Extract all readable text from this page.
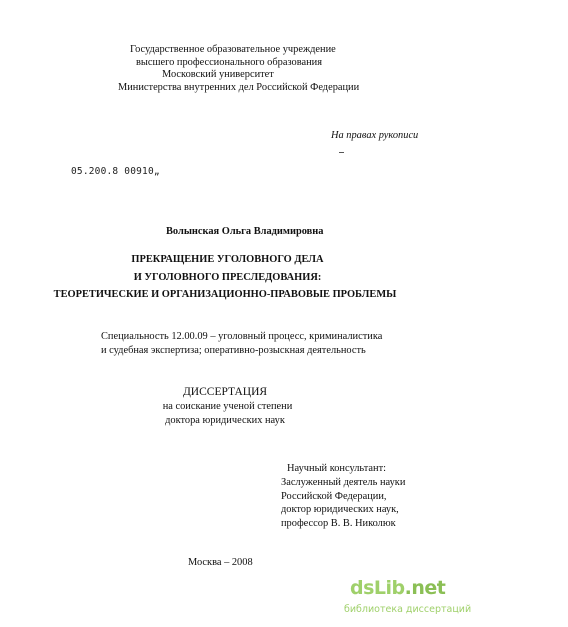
Государственное образовательное учреждение
высшего профессионального образования
Московский университет
Министерства внутренних дел Российской Федерации
На правах рукописи
05.200.8 00910„
Волынская Ольга Владимировна
ПРЕКРАЩЕНИЕ УГОЛОВНОГО ДЕЛА
И УГОЛОВНОГО ПРЕСЛЕДОВАНИЯ:
ТЕОРЕТИЧЕСКИЕ И ОРГАНИЗАЦИОННО-ПРАВОВЫЕ ПРОБЛЕМЫ
Специальность 12.00.09 – уголовный процесс, криминалистика
и судебная экспертиза; оперативно-розыскная деятельность
ДИССЕРТАЦИЯ
на соискание ученой степени
доктора юридических наук
Научный консультант:
Заслуженный деятель науки
Российской Федерации,
доктор юридических наук,
профессор В. В. Николюк
Москва – 2008
dsLib.net
библиотека диссертаций
